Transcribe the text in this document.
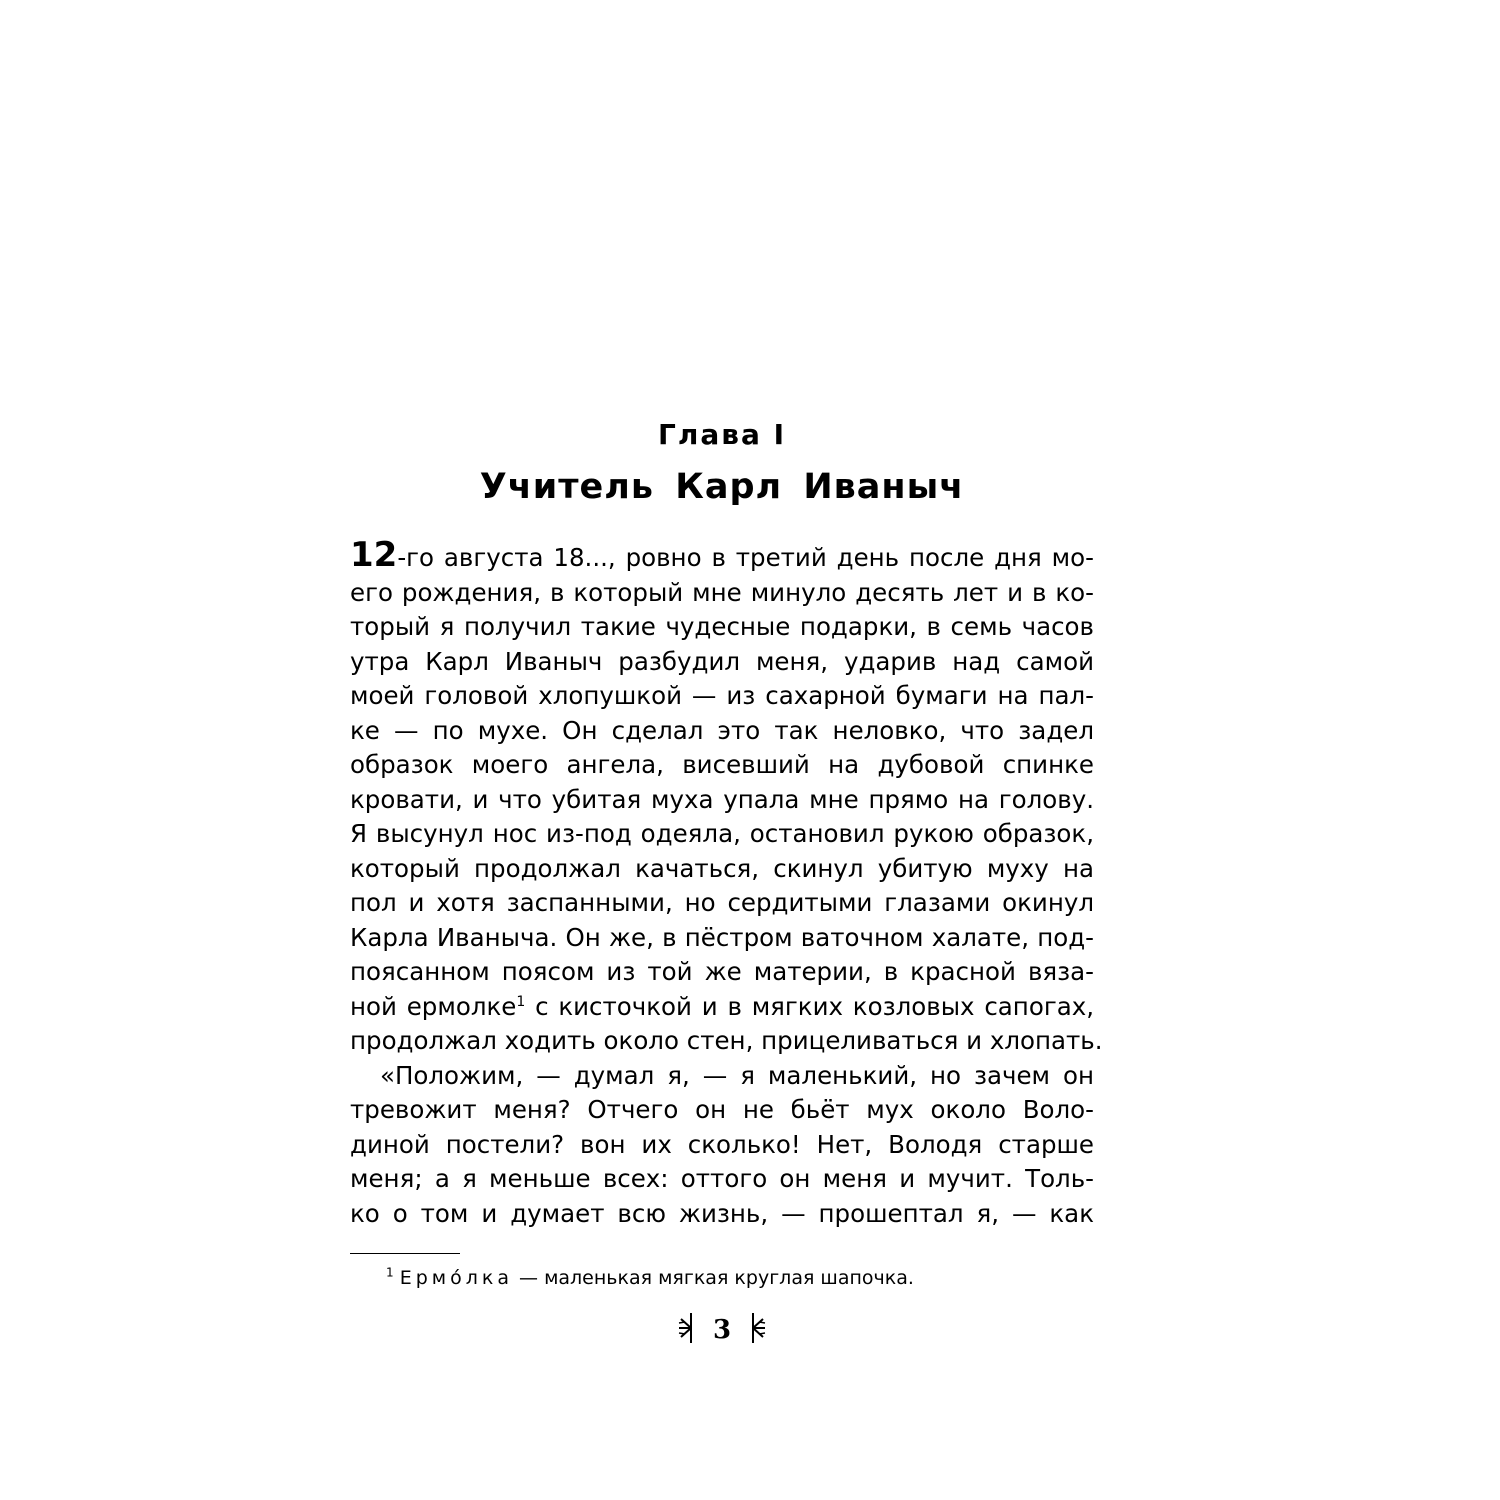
Глава I
Учитель Карл Иваныч
12-го августа 18..., ровно в третий день после дня мо-
его рождения, в который мне минуло десять лет и в ко-
торый я получил такие чудесные подарки, в семь часов
утра Карл Иваныч разбудил меня, ударив над самой
моей головой хлопушкой — из сахарной бумаги на пал-
ке — по мухе. Он сделал это так неловко, что задел
образок моего ангела, висевший на дубовой спинке
кровати, и что убитая муха упала мне прямо на голову.
Я высунул нос из-под одеяла, остановил рукою образок,
который продолжал качаться, скинул убитую муху на
пол и хотя заспанными, но сердитыми глазами окинул
Карла Иваныча. Он же, в пёстром ваточном халате, под-
поясанном поясом из той же материи, в красной вяза-
ной ермолке$^1$ с кисточкой и в мягких козловых сапогах,
продолжал ходить около стен, прицеливаться и хлопать.
«Положим, — думал я, — я маленький, но зачем он
тревожит меня? Отчего он не бьёт мух около Воло-
диной постели? вон их сколько! Нет, Володя старше
меня; а я меньше всех: оттого он меня и мучит. Толь-
ко о том и думает всю жизнь, — прошептал я, — как
$^1$ Ермо́лка — маленькая мягкая круглая шапочка.
3
